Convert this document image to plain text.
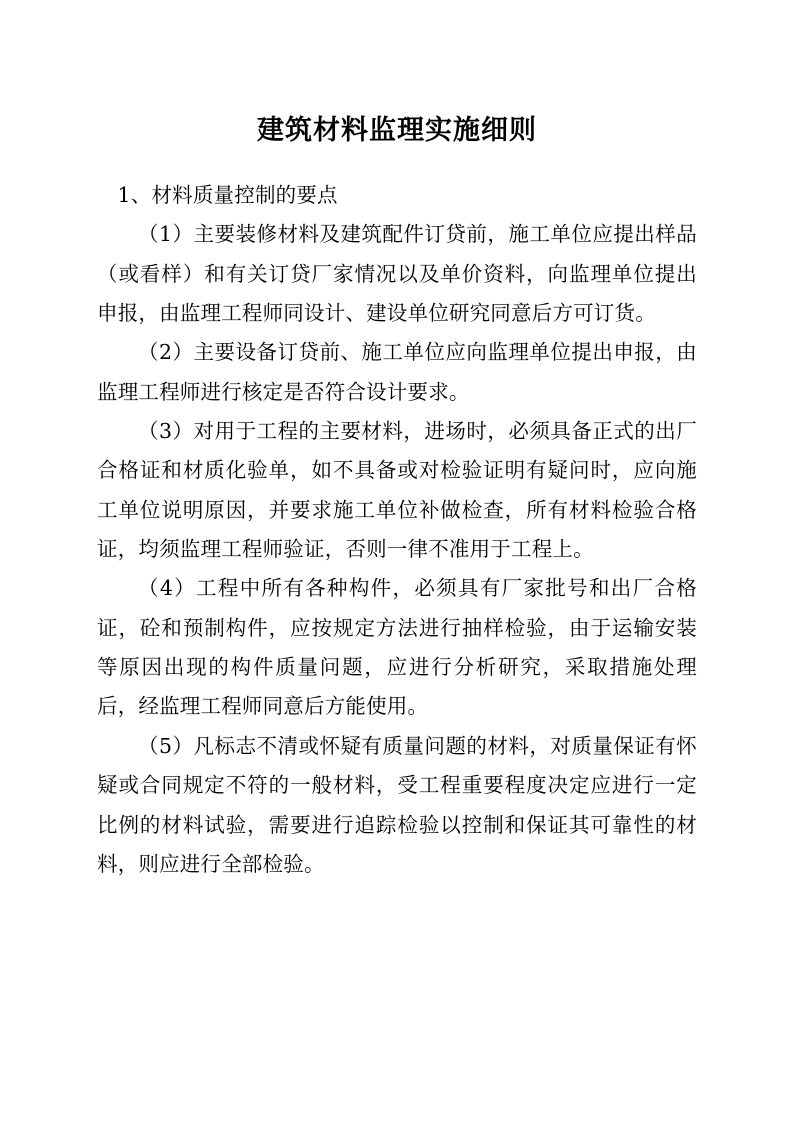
建筑材料监理实施细则

1、材料质量控制的要点

（1）主要装修材料及建筑配件订贷前，施工单位应提出样品（或看样）和有关订贷厂家情况以及单价资料，向监理单位提出申报，由监理工程师同设计、建设单位研究同意后方可订货。

（2）主要设备订贷前、施工单位应向监理单位提出申报，由监理工程师进行核定是否符合设计要求。

（3）对用于工程的主要材料，进场时，必须具备正式的出厂合格证和材质化验单，如不具备或对检验证明有疑问时，应向施工单位说明原因，并要求施工单位补做检查，所有材料检验合格证，均须监理工程师验证，否则一律不准用于工程上。

（4）工程中所有各种构件，必须具有厂家批号和出厂合格证，砼和预制构件，应按规定方法进行抽样检验，由于运输安装等原因出现的构件质量问题，应进行分析研究，采取措施处理后，经监理工程师同意后方能使用。

（5）凡标志不清或怀疑有质量问题的材料，对质量保证有怀疑或合同规定不符的一般材料，受工程重要程度决定应进行一定比例的材料试验，需要进行追踪检验以控制和保证其可靠性的材料，则应进行全部检验。
